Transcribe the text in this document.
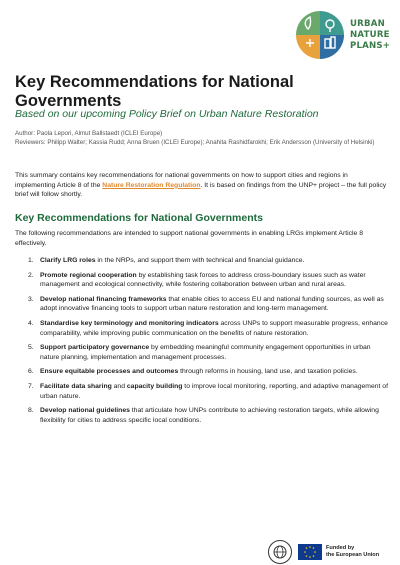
URBAN
NATURE
PLANS+
Key Recommendations for National Governments
Based on our upcoming Policy Brief on Urban Nature Restoration
Author: Paola Lepori, Almut Ballstaedt (ICLEI Europe)
Reviewers: Philipp Walter; Kassia Rudd; Anna Bruen (ICLEI Europe); Anahita Rashidfarokhi; Erik Andersson (University of Helsinki)

This summary contains key recommendations for national governments on how to support cities and regions in implementing Article 8 of the Nature Restoration Regulation. It is based on findings from the UNP+ project – the full policy brief will follow shortly.

Key Recommendations for National Governments

The following recommendations are intended to support national governments in enabling LRGs implement Article 8 effectively.

1. Clarify LRG roles in the NRPs, and support them with technical and financial guidance.
2. Promote regional cooperation by establishing task forces to address cross-boundary issues such as water management and ecological connectivity, while fostering collaboration between urban and rural areas.
3. Develop national financing frameworks that enable cities to access EU and national funding sources, as well as adopt innovative financing tools to support urban nature restoration and long-term management.
4. Standardise key terminology and monitoring indicators across UNPs to support measurable progress, enhance comparability, while improving public communication on the benefits of nature restoration.
5. Support participatory governance by embedding meaningful community engagement opportunities in urban nature planning, implementation and management processes.
6. Ensure equitable processes and outcomes through reforms in housing, land use, and taxation policies.
7. Facilitate data sharing and capacity building to improve local monitoring, reporting, and adaptive management of urban nature.
8. Develop national guidelines that articulate how UNPs contribute to achieving restoration targets, while allowing flexibility for cities to address specific local conditions.
Funded by
the European Union
